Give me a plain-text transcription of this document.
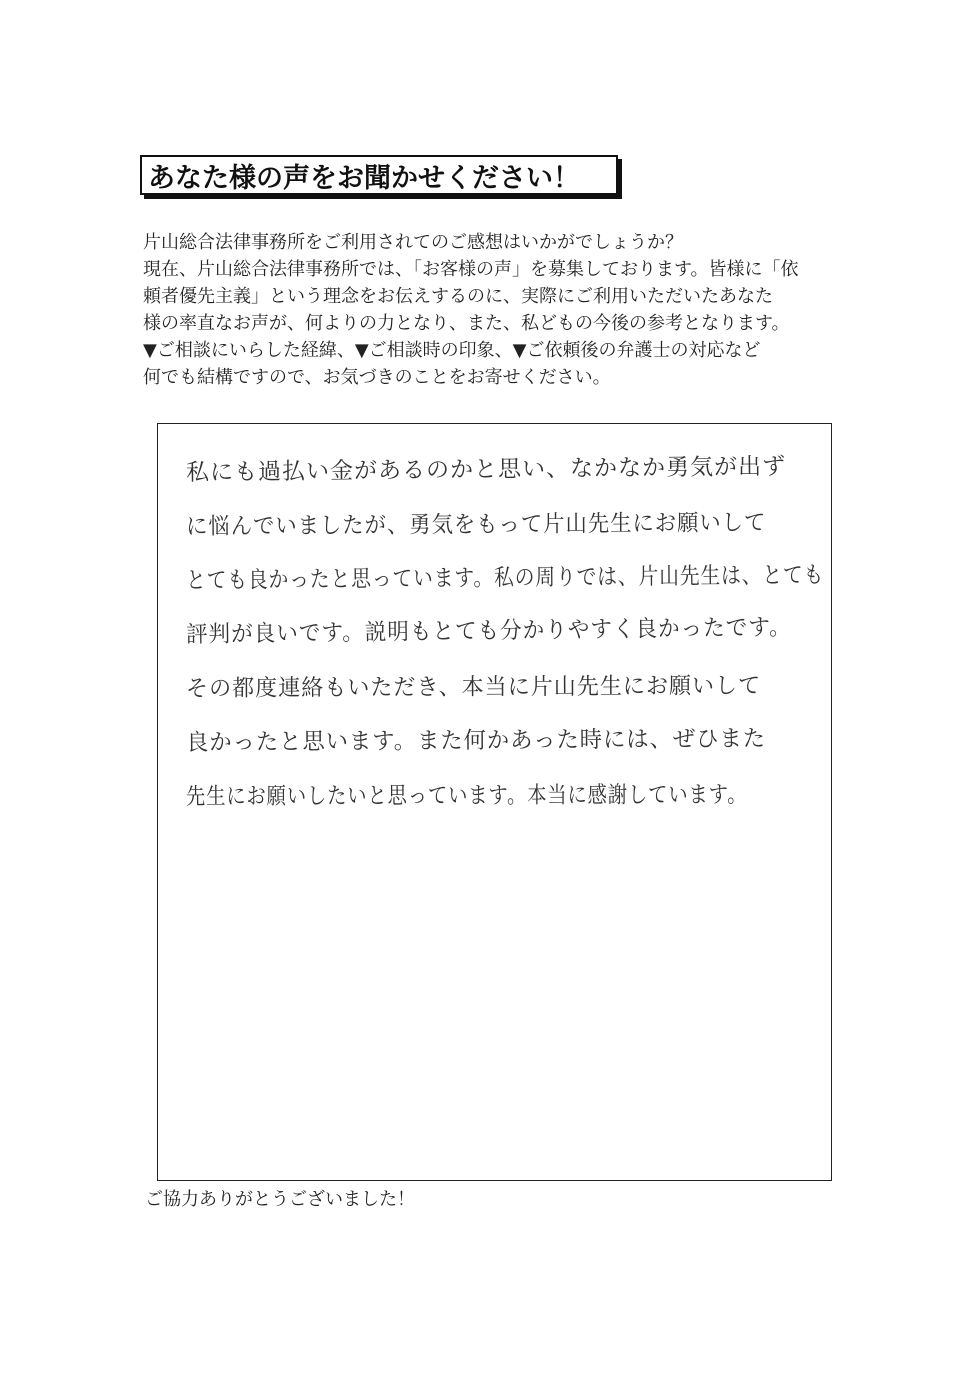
あなた様の声をお聞かせください！
片山総合法律事務所をご利用されてのご感想はいかがでしょうか？
現在、片山総合法律事務所では、「お客様の声」を募集しております。皆様に「依
頼者優先主義」という理念をお伝えするのに、実際にご利用いただいたあなた
様の率直なお声が、何よりの力となり、また、私どもの今後の参考となります。
▼ご相談にいらした経緯、▼ご相談時の印象、▼ご依頼後の弁護士の対応など
何でも結構ですので、お気づきのことをお寄せください。
私にも過払い金があるのかと思い、なかなか勇気が出ず
に悩んでいましたが、勇気をもって片山先生にお願いして
とても良かったと思っています。私の周りでは、片山先生は、とても
評判が良いです。説明もとても分かりやすく良かったです。
その都度連絡もいただき、本当に片山先生にお願いして
良かったと思います。また何かあった時には、ぜひまた
先生にお願いしたいと思っています。本当に感謝しています。
ご協力ありがとうございました！
